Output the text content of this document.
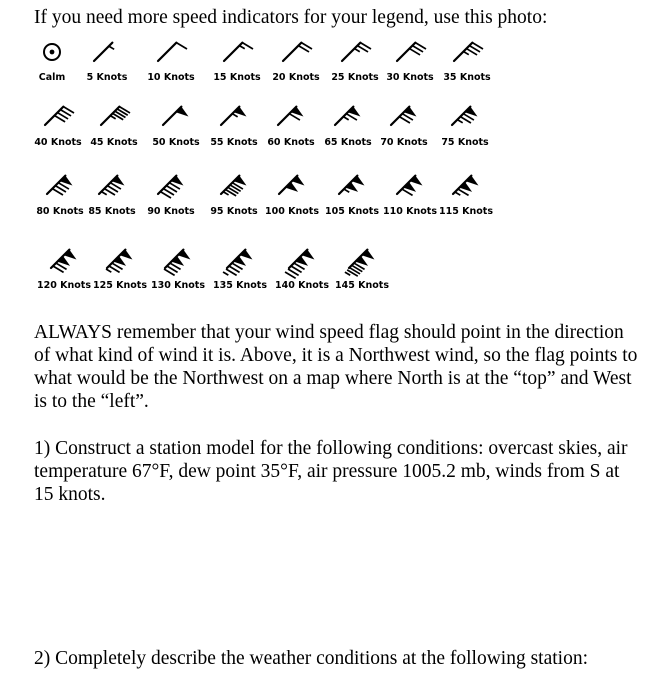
If you need more speed indicators for your legend, use this photo:

Calm 5 Knots 10 Knots 15 Knots 20 Knots 25 Knots 30 Knots 35 Knots
40 Knots 45 Knots 50 Knots 55 Knots 60 Knots 65 Knots 70 Knots 75 Knots
80 Knots 85 Knots 90 Knots 95 Knots 100 Knots 105 Knots 110 Knots 115 Knots
120 Knots 125 Knots 130 Knots 135 Knots 140 Knots 145 Knots

ALWAYS remember that your wind speed flag should point in the direction of what kind of wind it is. Above, it is a Northwest wind, so the flag points to what would be the Northwest on a map where North is at the “top” and West is to the “left”.

1) Construct a station model for the following conditions: overcast skies, air temperature 67°F, dew point 35°F, air pressure 1005.2 mb, winds from S at 15 knots.

2) Completely describe the weather conditions at the following station:
